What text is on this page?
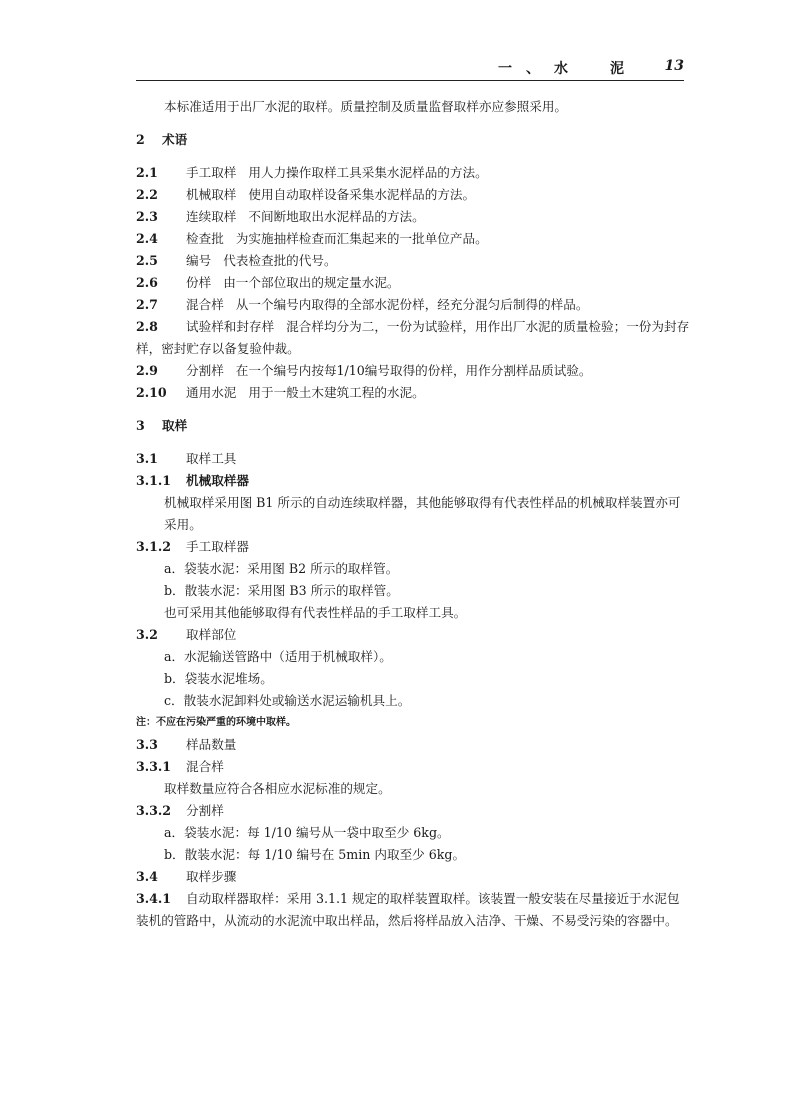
一、水　泥 13

本标准适用于出厂水泥的取样。质量控制及质量监督取样亦应参照采用。

2 术语

2.1 手工取样 用人力操作取样工具采集水泥样品的方法。

2.2 机械取样 使用自动取样设备采集水泥样品的方法。

2.3 连续取样 不间断地取出水泥样品的方法。

2.4 检查批 为实施抽样检查而汇集起来的一批单位产品。

2.5 编号 代表检查批的代号。

2.6 份样 由一个部位取出的规定量水泥。

2.7 混合样 从一个编号内取得的全部水泥份样，经充分混匀后制得的样品。

2.8 试验样和封存样 混合样均分为二，一份为试验样，用作出厂水泥的质量检验；一份为封存样，密封贮存以备复验仲裁。

2.9 分割样 在一个编号内按每1/10编号取得的份样，用作分割样品质试验。

2.10 通用水泥 用于一般土木建筑工程的水泥。

3 取样

3.1 取样工具

3.1.1 机械取样器

机械取样采用图 B1 所示的自动连续取样器，其他能够取得有代表性样品的机械取样装置亦可采用。

3.1.2 手工取样器

a．袋装水泥：采用图 B2 所示的取样管。

b．散装水泥：采用图 B3 所示的取样管。

也可采用其他能够取得有代表性样品的手工取样工具。

3.2 取样部位

a．水泥输送管路中（适用于机械取样）。

b．袋装水泥堆场。

c．散装水泥卸料处或输送水泥运输机具上。

注：不应在污染严重的环境中取样。

3.3 样品数量

3.3.1 混合样

取样数量应符合各相应水泥标准的规定。

3.3.2 分割样

a．袋装水泥：每 1/10 编号从一袋中取至少 6kg。

b．散装水泥：每 1/10 编号在 5min 内取至少 6kg。

3.4 取样步骤

3.4.1 自动取样器取样：采用 3.1.1 规定的取样装置取样。该装置一般安装在尽量接近于水泥包装机的管路中，从流动的水泥流中取出样品，然后将样品放入洁净、干燥、不易受污染的容器中。
